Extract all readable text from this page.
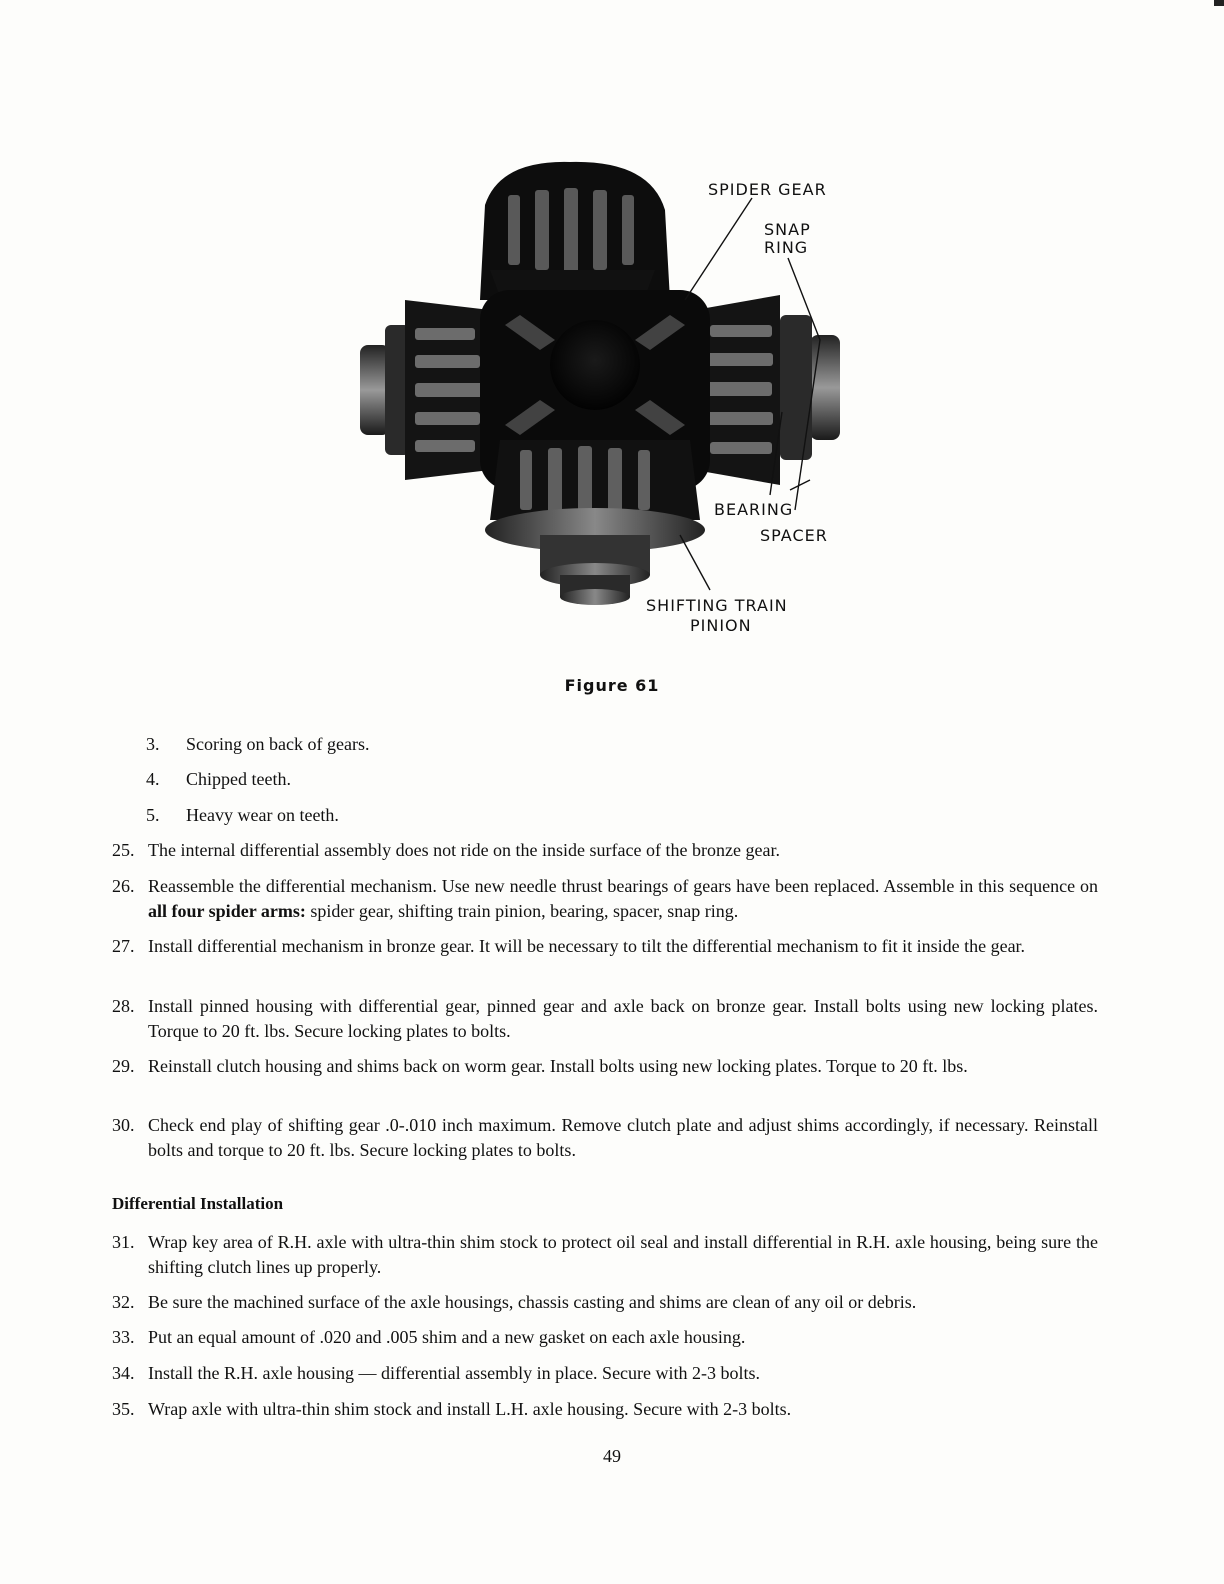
SPIDER GEAR
SNAP
RING
BEARING
SPACER
SHIFTING TRAIN
PINION
Figure 61
3. Scoring on back of gears.
4. Chipped teeth.
5. Heavy wear on teeth.
25. The internal differential assembly does not ride on the inside surface of the bronze gear.
26. Reassemble the differential mechanism. Use new needle thrust bearings of gears have been replaced. Assemble in this sequence on all four spider arms: spider gear, shifting train pinion, bearing, spacer, snap ring.
27. Install differential mechanism in bronze gear. It will be necessary to tilt the differential mechanism to fit it inside the gear.
28. Install pinned housing with differential gear, pinned gear and axle back on bronze gear. Install bolts using new locking plates. Torque to 20 ft. lbs. Secure locking plates to bolts.
29. Reinstall clutch housing and shims back on worm gear. Install bolts using new locking plates. Torque to 20 ft. lbs.
30. Check end play of shifting gear .0-.010 inch maximum. Remove clutch plate and adjust shims accordingly, if necessary. Reinstall bolts and torque to 20 ft. lbs. Secure locking plates to bolts.
Differential Installation
31. Wrap key area of R.H. axle with ultra-thin shim stock to protect oil seal and install differential in R.H. axle housing, being sure the shifting clutch lines up properly.
32. Be sure the machined surface of the axle housings, chassis casting and shims are clean of any oil or debris.
33. Put an equal amount of .020 and .005 shim and a new gasket on each axle housing.
34. Install the R.H. axle housing — differential assembly in place. Secure with 2-3 bolts.
35. Wrap axle with ultra-thin shim stock and install L.H. axle housing. Secure with 2-3 bolts.
49
